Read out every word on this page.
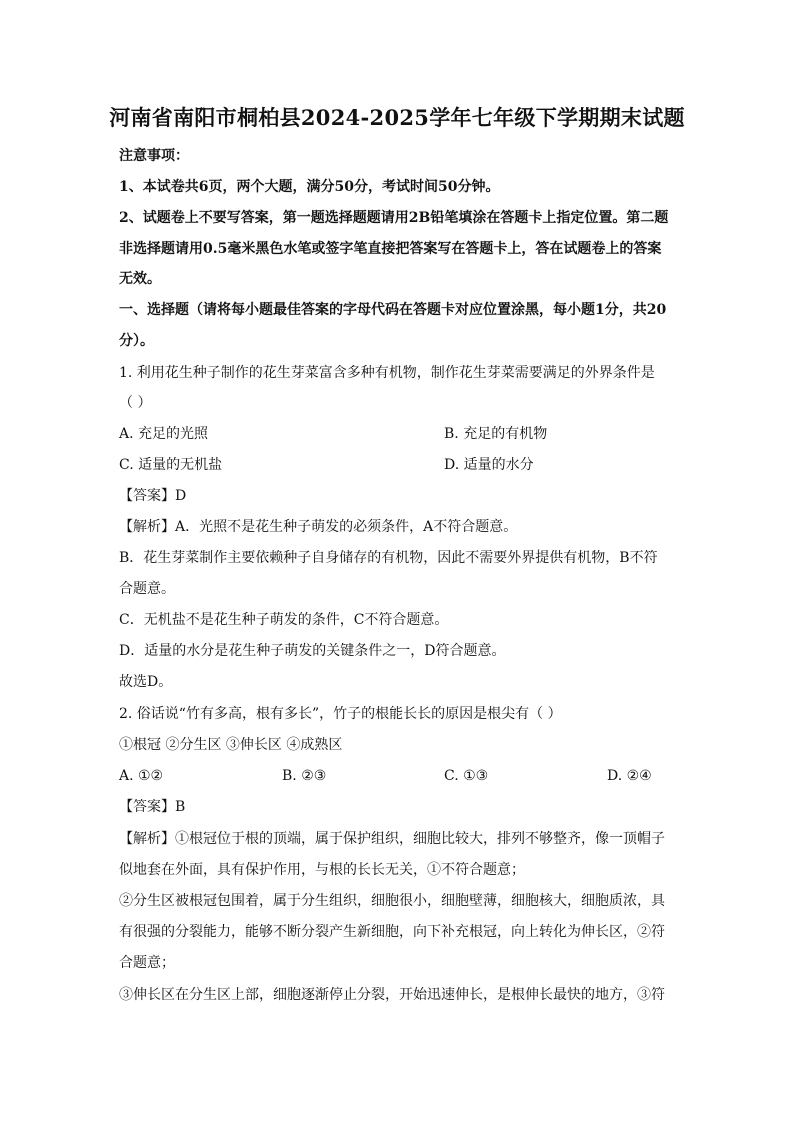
河南省南阳市桐柏县2024-2025学年七年级下学期期末试题
注意事项：
1、本试卷共6页，两个大题，满分50分，考试时间50分钟。
2、试题卷上不要写答案，第一题选择题题请用2B铅笔填涂在答题卡上指定位置。第二题
非选择题请用0.5毫米黑色水笔或签字笔直接把答案写在答题卡上，答在试题卷上的答案
无效。
一、选择题（请将每小题最佳答案的字母代码在答题卡对应位置涂黑，每小题1分，共20
分）。
1. 利用花生种子制作的花生芽菜富含多种有机物，制作花生芽菜需要满足的外界条件是
（ ）
A. 充足的光照	B. 充足的有机物
C. 适量的无机盐	D. 适量的水分
【答案】D
【解析】A．光照不是花生种子萌发的必须条件，A不符合题意。
B．花生芽菜制作主要依赖种子自身储存的有机物，因此不需要外界提供有机物，B不符
合题意。
C．无机盐不是花生种子萌发的条件，C不符合题意。
D．适量的水分是花生种子萌发的关键条件之一，D符合题意。
故选D。
2. 俗话说“竹有多高，根有多长”，竹子的根能长长的原因是根尖有（ ）
①根冠 ②分生区 ③伸长区 ④成熟区
A. ①②	B. ②③	C. ①③	D. ②④
【答案】B
【解析】①根冠位于根的顶端，属于保护组织，细胞比较大，排列不够整齐，像一顶帽子
似地套在外面，具有保护作用，与根的长长无关，①不符合题意；
②分生区被根冠包围着，属于分生组织，细胞很小，细胞壁薄，细胞核大，细胞质浓，具
有很强的分裂能力，能够不断分裂产生新细胞，向下补充根冠，向上转化为伸长区，②符
合题意；
③伸长区在分生区上部，细胞逐渐停止分裂，开始迅速伸长，是根伸长最快的地方，③符
